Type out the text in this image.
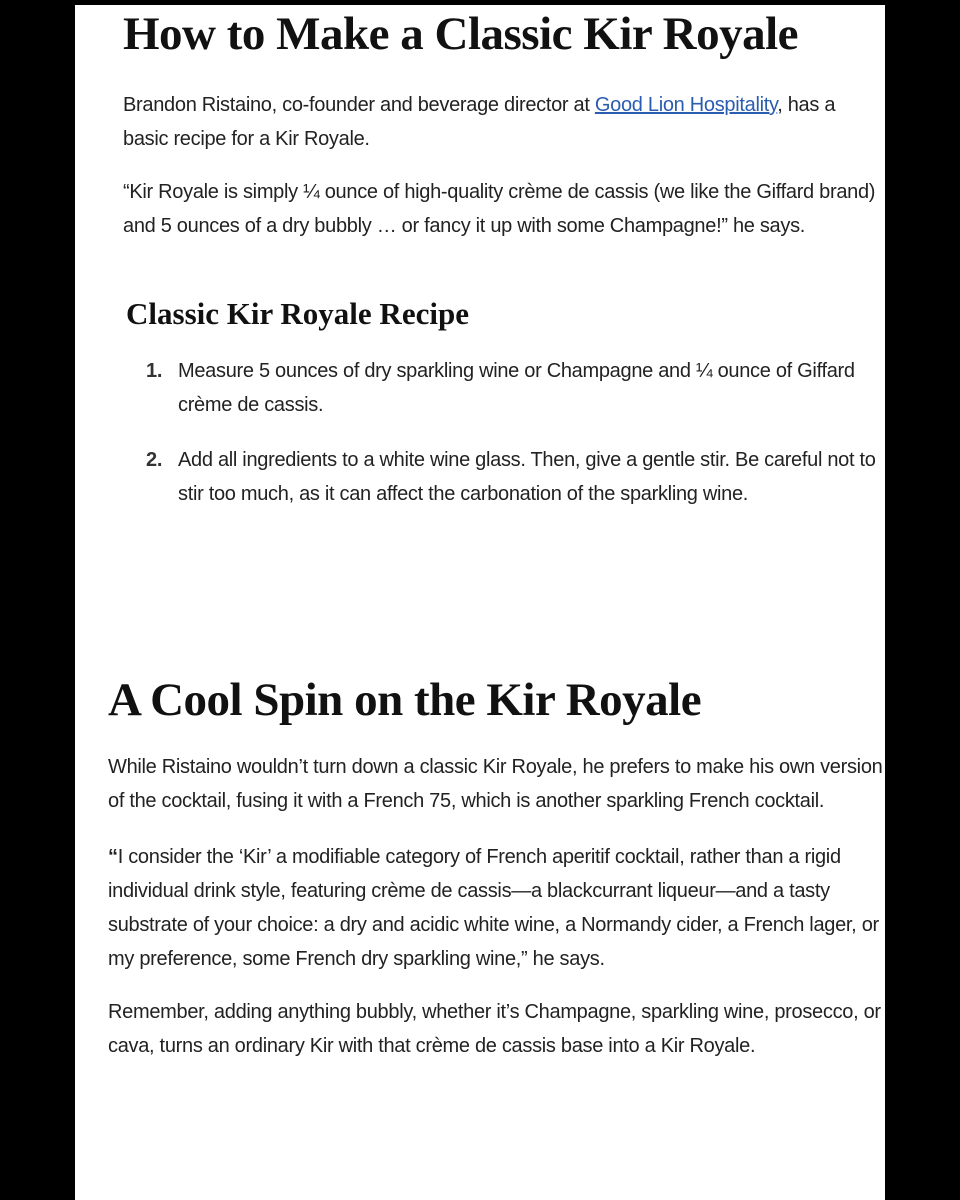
How to Make a Classic Kir Royale

Brandon Ristaino, co-founder and beverage director at Good Lion Hospitality, has a basic recipe for a Kir Royale.

“Kir Royale is simply ¼ ounce of high-quality crème de cassis (we like the Giffard brand) and 5 ounces of a dry bubbly … or fancy it up with some Champagne!” he says.

Classic Kir Royale Recipe
1. Measure 5 ounces of dry sparkling wine or Champagne and ¼ ounce of Giffard crème de cassis.
2. Add all ingredients to a white wine glass. Then, give a gentle stir. Be careful not to stir too much, as it can affect the carbonation of the sparkling wine.
A Cool Spin on the Kir Royale

While Ristaino wouldn’t turn down a classic Kir Royale, he prefers to make his own version of the cocktail, fusing it with a French 75, which is another sparkling French cocktail.

“I consider the ‘Kir’ a modifiable category of French aperitif cocktail, rather than a rigid individual drink style, featuring crème de cassis—a blackcurrant liqueur—and a tasty substrate of your choice: a dry and acidic white wine, a Normandy cider, a French lager, or my preference, some French dry sparkling wine,” he says.

Remember, adding anything bubbly, whether it’s Champagne, sparkling wine, prosecco, or cava, turns an ordinary Kir with that crème de cassis base into a Kir Royale.
